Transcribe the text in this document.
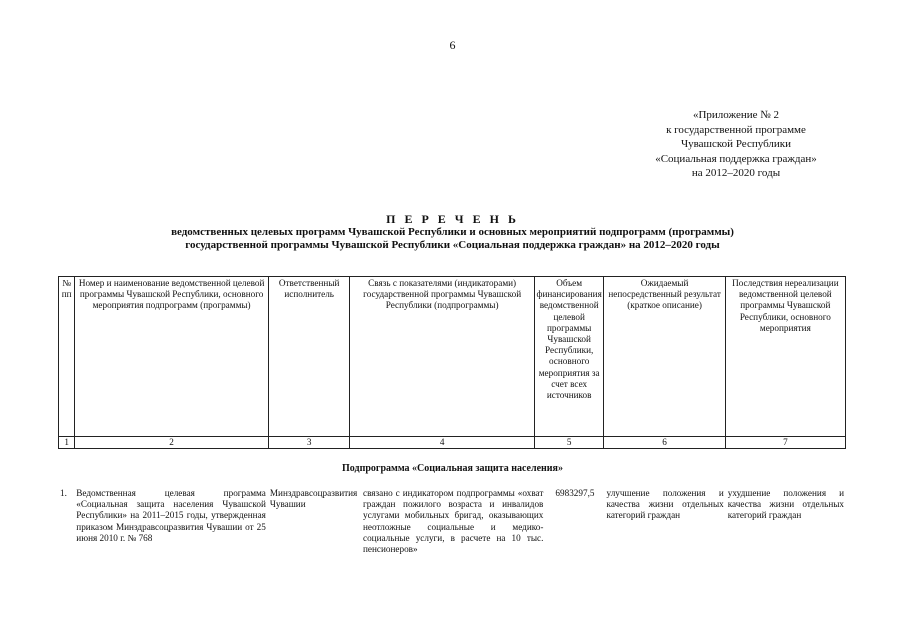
6
«Приложение № 2
к государственной программе
Чувашской Республики
«Социальная поддержка граждан»
на 2012–2020 годы
П Е Р Е Ч Е Н Ь
ведомственных целевых программ Чувашской Республики и основных мероприятий подпрограмм (программы)
государственной программы Чувашской Республики «Социальная поддержка граждан» на 2012–2020 годы
№ пп	Номер и наименование ведомственной целевой программы Чувашской Республики, основного мероприятия подпрограмм (программы)	Ответственный исполнитель	Связь с показателями (индикаторами) государственной программы Чувашской Республики (подпрограммы)	Объем финансирования ведомственной целевой программы Чувашской Республики, основного мероприятия за счет всех источников	Ожидаемый непосредственный результат (краткое описание)	Последствия нереализации ведомственной целевой программы Чувашской Республики, основного мероприятия
1	2	3	4	5	6	7
Подпрограмма «Социальная защита населения»
1.	Ведомственная целевая программа «Социальная защита населения Чувашской Республики» на 2011–2015 годы, утвержденная приказом Минздравсоцразвития Чувашии от 25 июня 2010 г. № 768	Минздравсоцразвития Чувашии	связано с индикатором подпрограммы «охват граждан пожилого возраста и инвалидов услугами мобильных бригад, оказывающих неотложные социальные и медико-социальные услуги, в расчете на 10 тыс. пенсионеров»	6983297,5	улучшение положения и качества жизни отдельных категорий граждан	ухудшение положения и качества жизни отдельных категорий граждан
